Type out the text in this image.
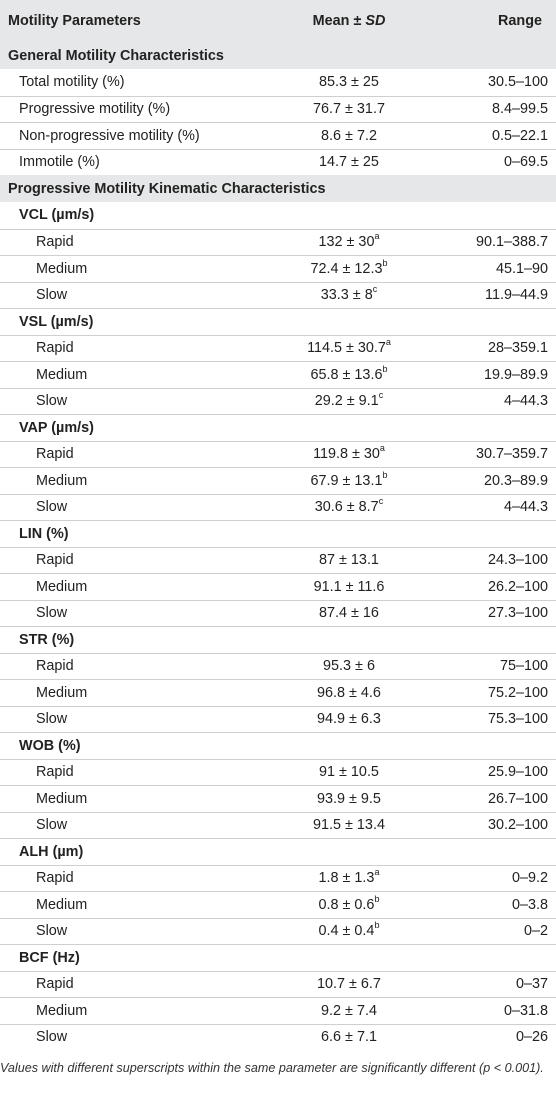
Motility Parameters	Mean ± SD	Range
General Motility Characteristics
Total motility (%)	85.3 ± 25	30.5–100
Progressive motility (%)	76.7 ± 31.7	8.4–99.5
Non-progressive motility (%)	8.6 ± 7.2	0.5–22.1
Immotile (%)	14.7 ± 25	0–69.5
Progressive Motility Kinematic Characteristics
VCL (µm/s)
Rapid	$132 \pm 30^a$	90.1–388.7
Medium	72.4 ± 12.3$^b$	45.1–90
Slow	$33.3 \pm 8^c$	11.9–44.9
VSL (µm/s)
Rapid	114.5 ± 30.7$^a$	28–359.1
Medium	65.8 ± 13.6$^b$	19.9–89.9
Slow	29.2 ± 9.1$^c$	4–44.3
VAP (µm/s)
Rapid	$119.8 \pm 30^a$	30.7–359.7
Medium	67.9 ± 13.1$^b$	20.3–89.9
Slow	30.6 ± 8.7$^c$	4–44.3
LIN (%)
Rapid	87 ± 13.1	24.3–100
Medium	91.1 ± 11.6	26.2–100
Slow	87.4 ± 16	27.3–100
STR (%)
Rapid	95.3 ± 6	75–100
Medium	96.8 ± 4.6	75.2–100
Slow	94.9 ± 6.3	75.3–100
WOB (%)
Rapid	91 ± 10.5	25.9–100
Medium	93.9 ± 9.5	26.7–100
Slow	91.5 ± 13.4	30.2–100
ALH (µm)
Rapid	1.8 ± 1.3$^a$	0–9.2
Medium	0.8 ± 0.6$^b$	0–3.8
Slow	0.4 ± 0.4$^b$	0–2
BCF (Hz)
Rapid	10.7 ± 6.7	0–37
Medium	9.2 ± 7.4	0–31.8
Slow	6.6 ± 7.1	0–26
Values with different superscripts within the same parameter are significantly different (p < 0.001).
